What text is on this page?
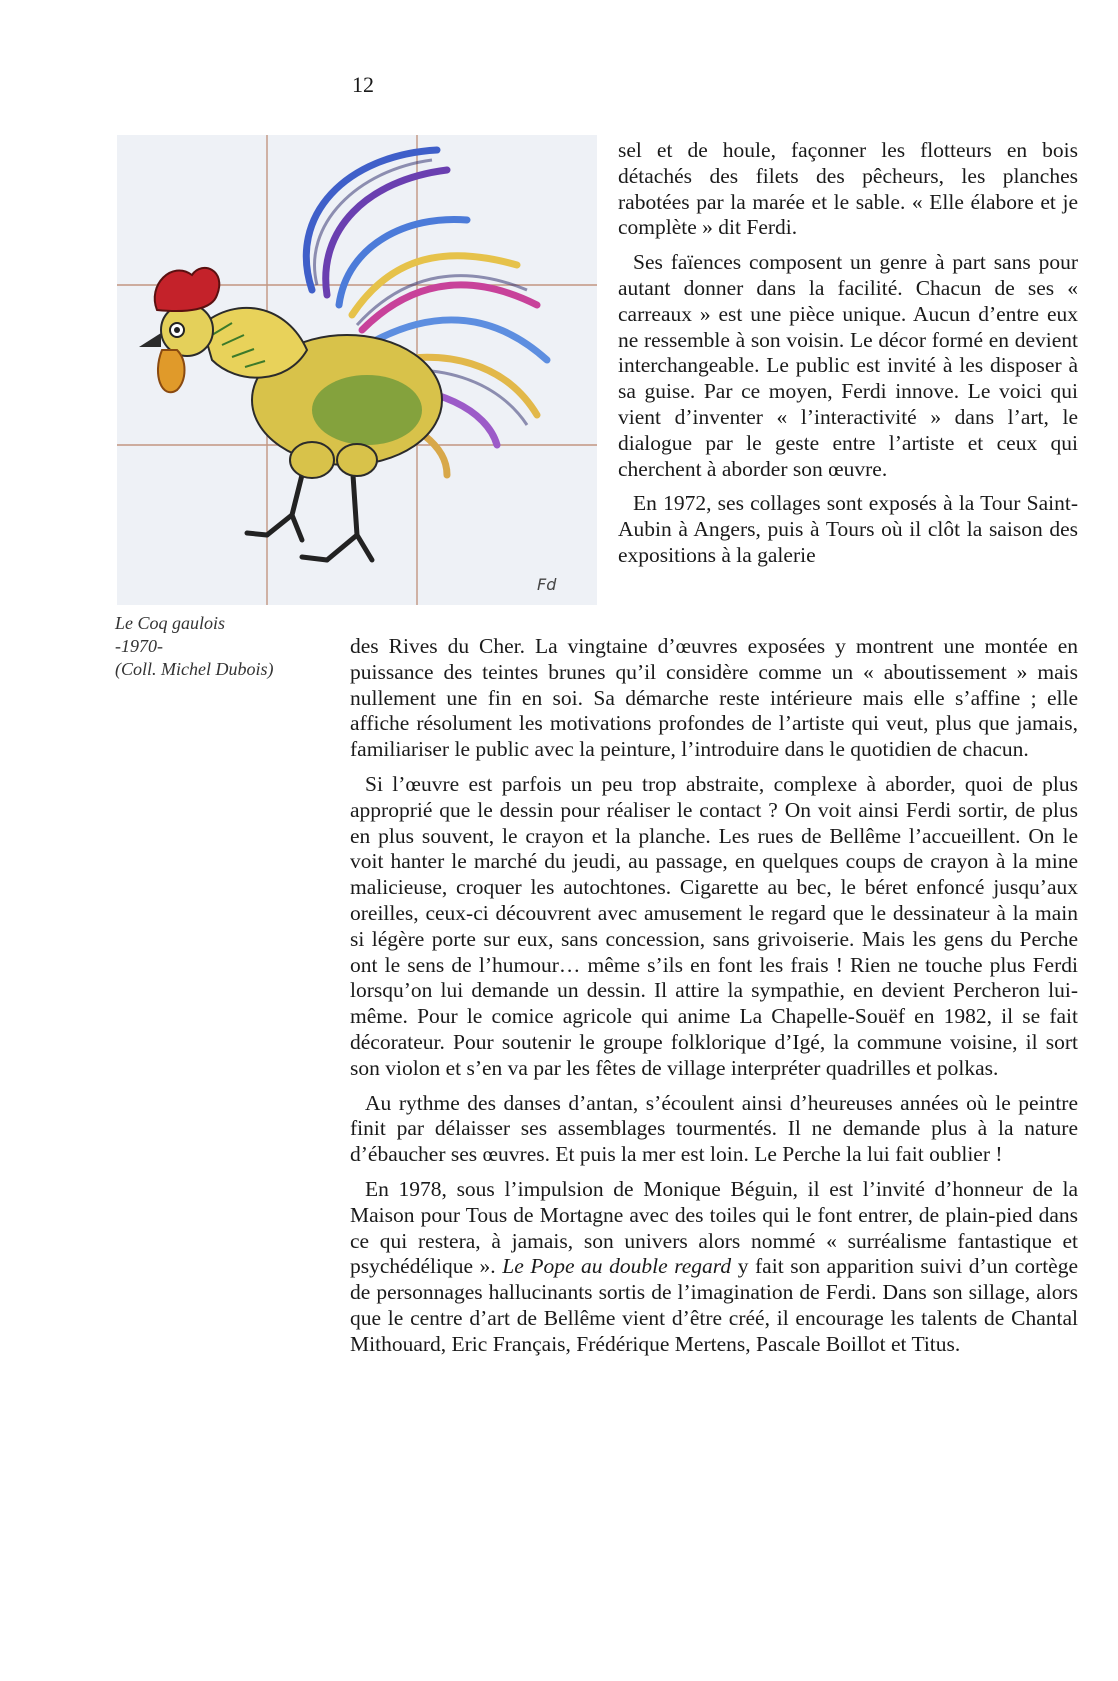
12
Fd
Le Coq gaulois
-1970-
(Coll. Michel Dubois)

sel et de houle, façonner les flotteurs en bois détachés des filets des pêcheurs, les planches rabotées par la marée et le sable. « Elle élabore et je complète » dit Ferdi.

Ses faïences composent un genre à part sans pour autant donner dans la facilité. Chacun de ses « carreaux » est une pièce unique. Aucun d’entre eux ne ressemble à son voisin. Le décor formé en devient interchangeable. Le public est invité à les disposer à sa guise. Par ce moyen, Ferdi innove. Le voici qui vient d’inventer « l’interactivité » dans l’art, le dialogue par le geste entre l’artiste et ceux qui cherchent à aborder son œuvre.

En 1972, ses collages sont exposés à la Tour Saint-Aubin à Angers, puis à Tours où il clôt la saison des expositions à la galerie

des Rives du Cher. La vingtaine d’œuvres exposées y montrent une montée en puissance des teintes brunes qu’il considère comme un « aboutissement » mais nullement une fin en soi. Sa démarche reste intérieure mais elle s’affine ; elle affiche résolument les motivations profondes de l’artiste qui veut, plus que jamais, familiariser le public avec la peinture, l’introduire dans le quotidien de chacun.

Si l’œuvre est parfois un peu trop abstraite, complexe à aborder, quoi de plus approprié que le dessin pour réaliser le contact ? On voit ainsi Ferdi sortir, de plus en plus souvent, le crayon et la planche. Les rues de Bellême l’accueillent. On le voit hanter le marché du jeudi, au passage, en quelques coups de crayon à la mine malicieuse, croquer les autochtones. Cigarette au bec, le béret enfoncé jusqu’aux oreilles, ceux-ci découvrent avec amusement le regard que le dessinateur à la main si légère porte sur eux, sans concession, sans grivoiserie. Mais les gens du Perche ont le sens de l’humour… même s’ils en font les frais ! Rien ne touche plus Ferdi lorsqu’on lui demande un dessin. Il attire la sympathie, en devient Percheron lui-même. Pour le comice agricole qui anime La Chapelle-Souëf en 1982, il se fait décorateur. Pour soutenir le groupe folklorique d’Igé, la commune voisine, il sort son violon et s’en va par les fêtes de village interpréter quadrilles et polkas.

Au rythme des danses d’antan, s’écoulent ainsi d’heureuses années où le peintre finit par délaisser ses assemblages tourmentés. Il ne demande plus à la nature d’ébaucher ses œuvres. Et puis la mer est loin. Le Perche la lui fait oublier !

En 1978, sous l’impulsion de Monique Béguin, il est l’invité d’honneur de la Maison pour Tous de Mortagne avec des toiles qui le font entrer, de plain-pied dans ce qui restera, à jamais, son univers alors nommé « surréalisme fantastique et psychédélique ». Le Pope au double regard y fait son apparition suivi d’un cortège de personnages hallucinants sortis de l’imagination de Ferdi. Dans son sillage, alors que le centre d’art de Bellême vient d’être créé, il encourage les talents de Chantal Mithouard, Eric Français, Frédérique Mertens, Pascale Boillot et Titus.
